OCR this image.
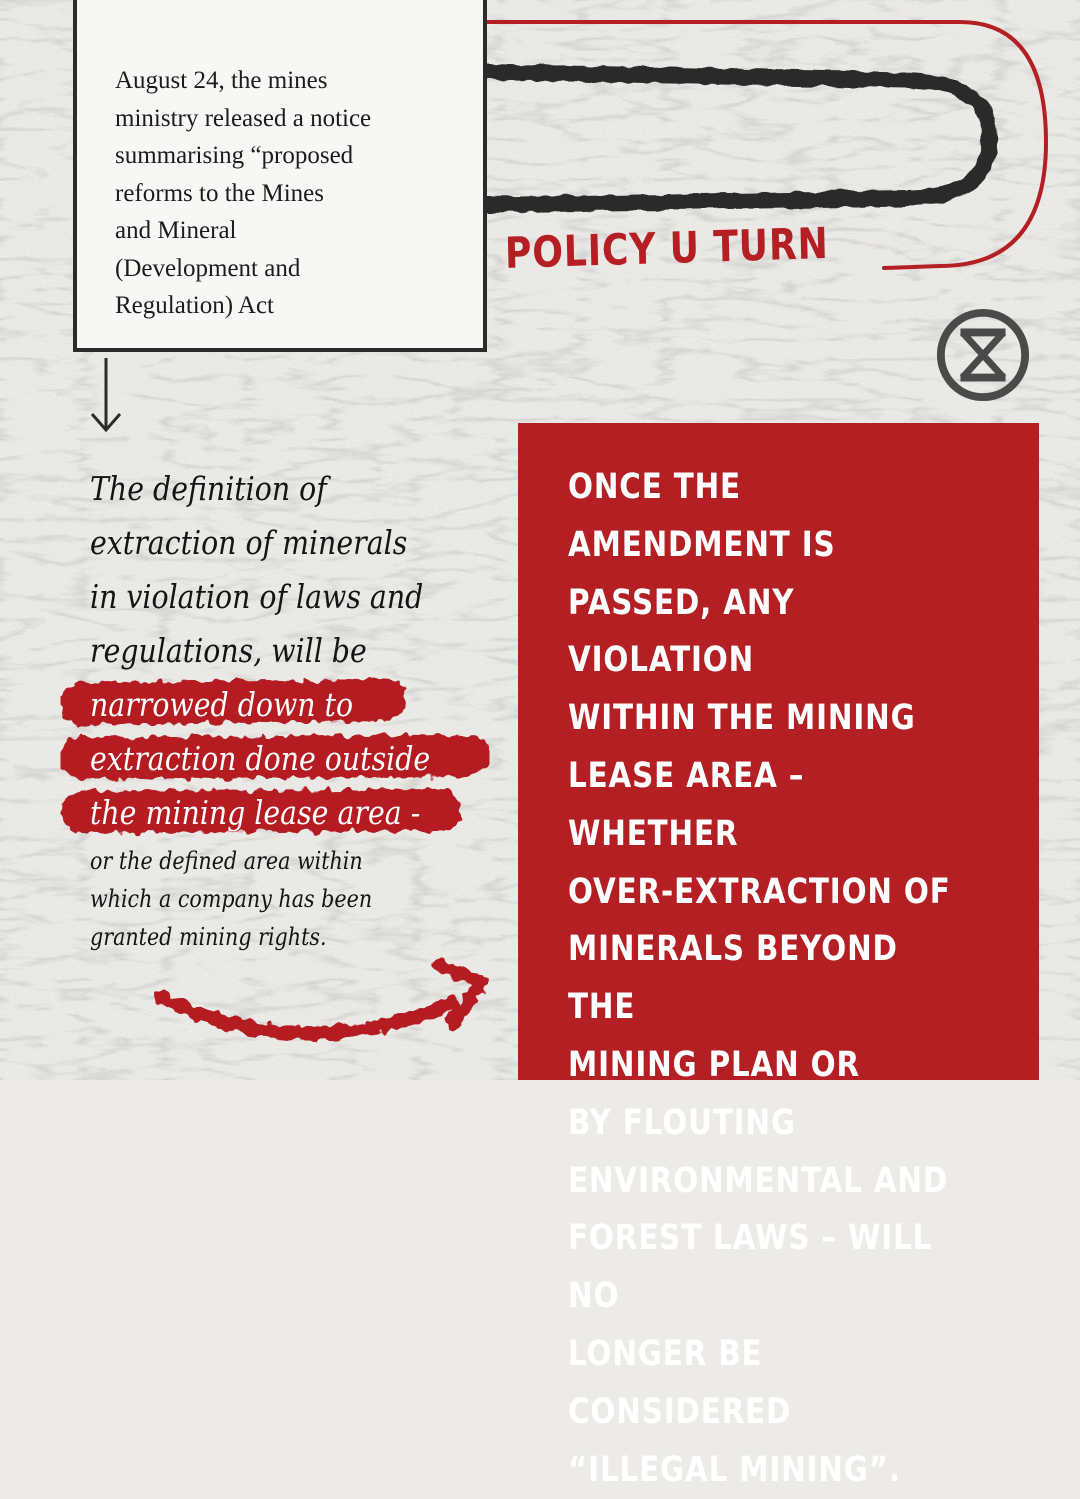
August 24, the mines
ministry released a notice
summarising “proposed
reforms to the Mines
and Mineral
(Development and
Regulation) Act

POLICY U TURN
The definition of
extraction of minerals
in violation of laws and
regulations, will be
narrowed down to
extraction done outside
the mining lease area -
or the defined area within
which a company has been
granted mining rights.

ONCE THE AMENDMENT IS
PASSED, ANY VIOLATION
WITHIN THE MINING
LEASE AREA – WHETHER
OVER-EXTRACTION OF
MINERALS BEYOND THE
MINING PLAN OR
BY FLOUTING
ENVIRONMENTAL AND
FOREST LAWS – WILL NO
LONGER BE CONSIDERED
“ILLEGAL MINING”.
